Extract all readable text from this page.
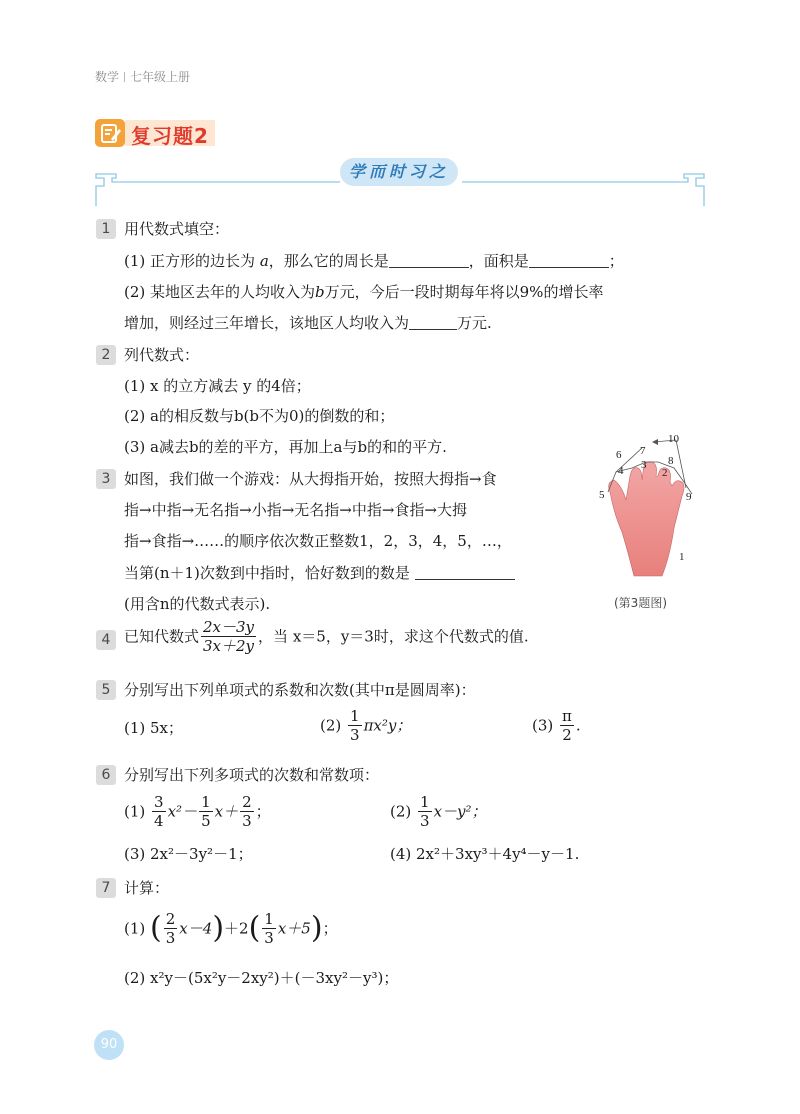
数学 七年级上册
复习题2
学而时习之
1 用代数式填空：
(1) 正方形的边长为 a，那么它的周长是	，面积是	；
(2) 某地区去年的人均收入为b万元，今后一段时期每年将以9%的增长率
增加，则经过三年增长，该地区人均收入为	万元.
2 列代数式：
(1) x 的立方减去 y 的4倍；
(2) a的相反数与b(b不为0)的倒数的和；
(3) a减去b的差的平方，再加上a与b的和的平方.
3 如图，我们做一个游戏：从大拇指开始，按照大拇指→食
指→中指→无名指→小指→无名指→中指→食指→大拇
指→食指→……的顺序依次数正整数1，2，3，4，5，…，
当第(n＋1)次数到中指时，恰好数到的数是
(用含n的代数式表示).
1
2
3
4
5
6 7
8
9
10
(第3题图)
4 已知代数式 $\frac{2x-3y}{3x+2y}$ ，当 x＝5，y＝3时，求这个代数式的值.
5 分别写出下列单项式的系数和次数(其中π是圆周率)：
(1) 5x；	$(2) \frac{1}{3} \pi x^2y$；	$(3) \frac{\pi}{2}$ .
6 分别写出下列多项式的次数和常数项：
$(1) \frac{3}{4} x^2- \frac{1}{5} x+ \frac{2}{3}$ ；	$(2) \frac{1}{3} x-y^2$；
(3) 2x²－3y²－1；	(4) 2x²＋3xy³＋4y⁴－y－1.
7 计算：
(1) ( $\frac{2}{3} x-4)+2( \frac{1}{3} x+5)$；
(2) x²y－(5x²y－2xy²)＋(－3xy²－y³)；
90
